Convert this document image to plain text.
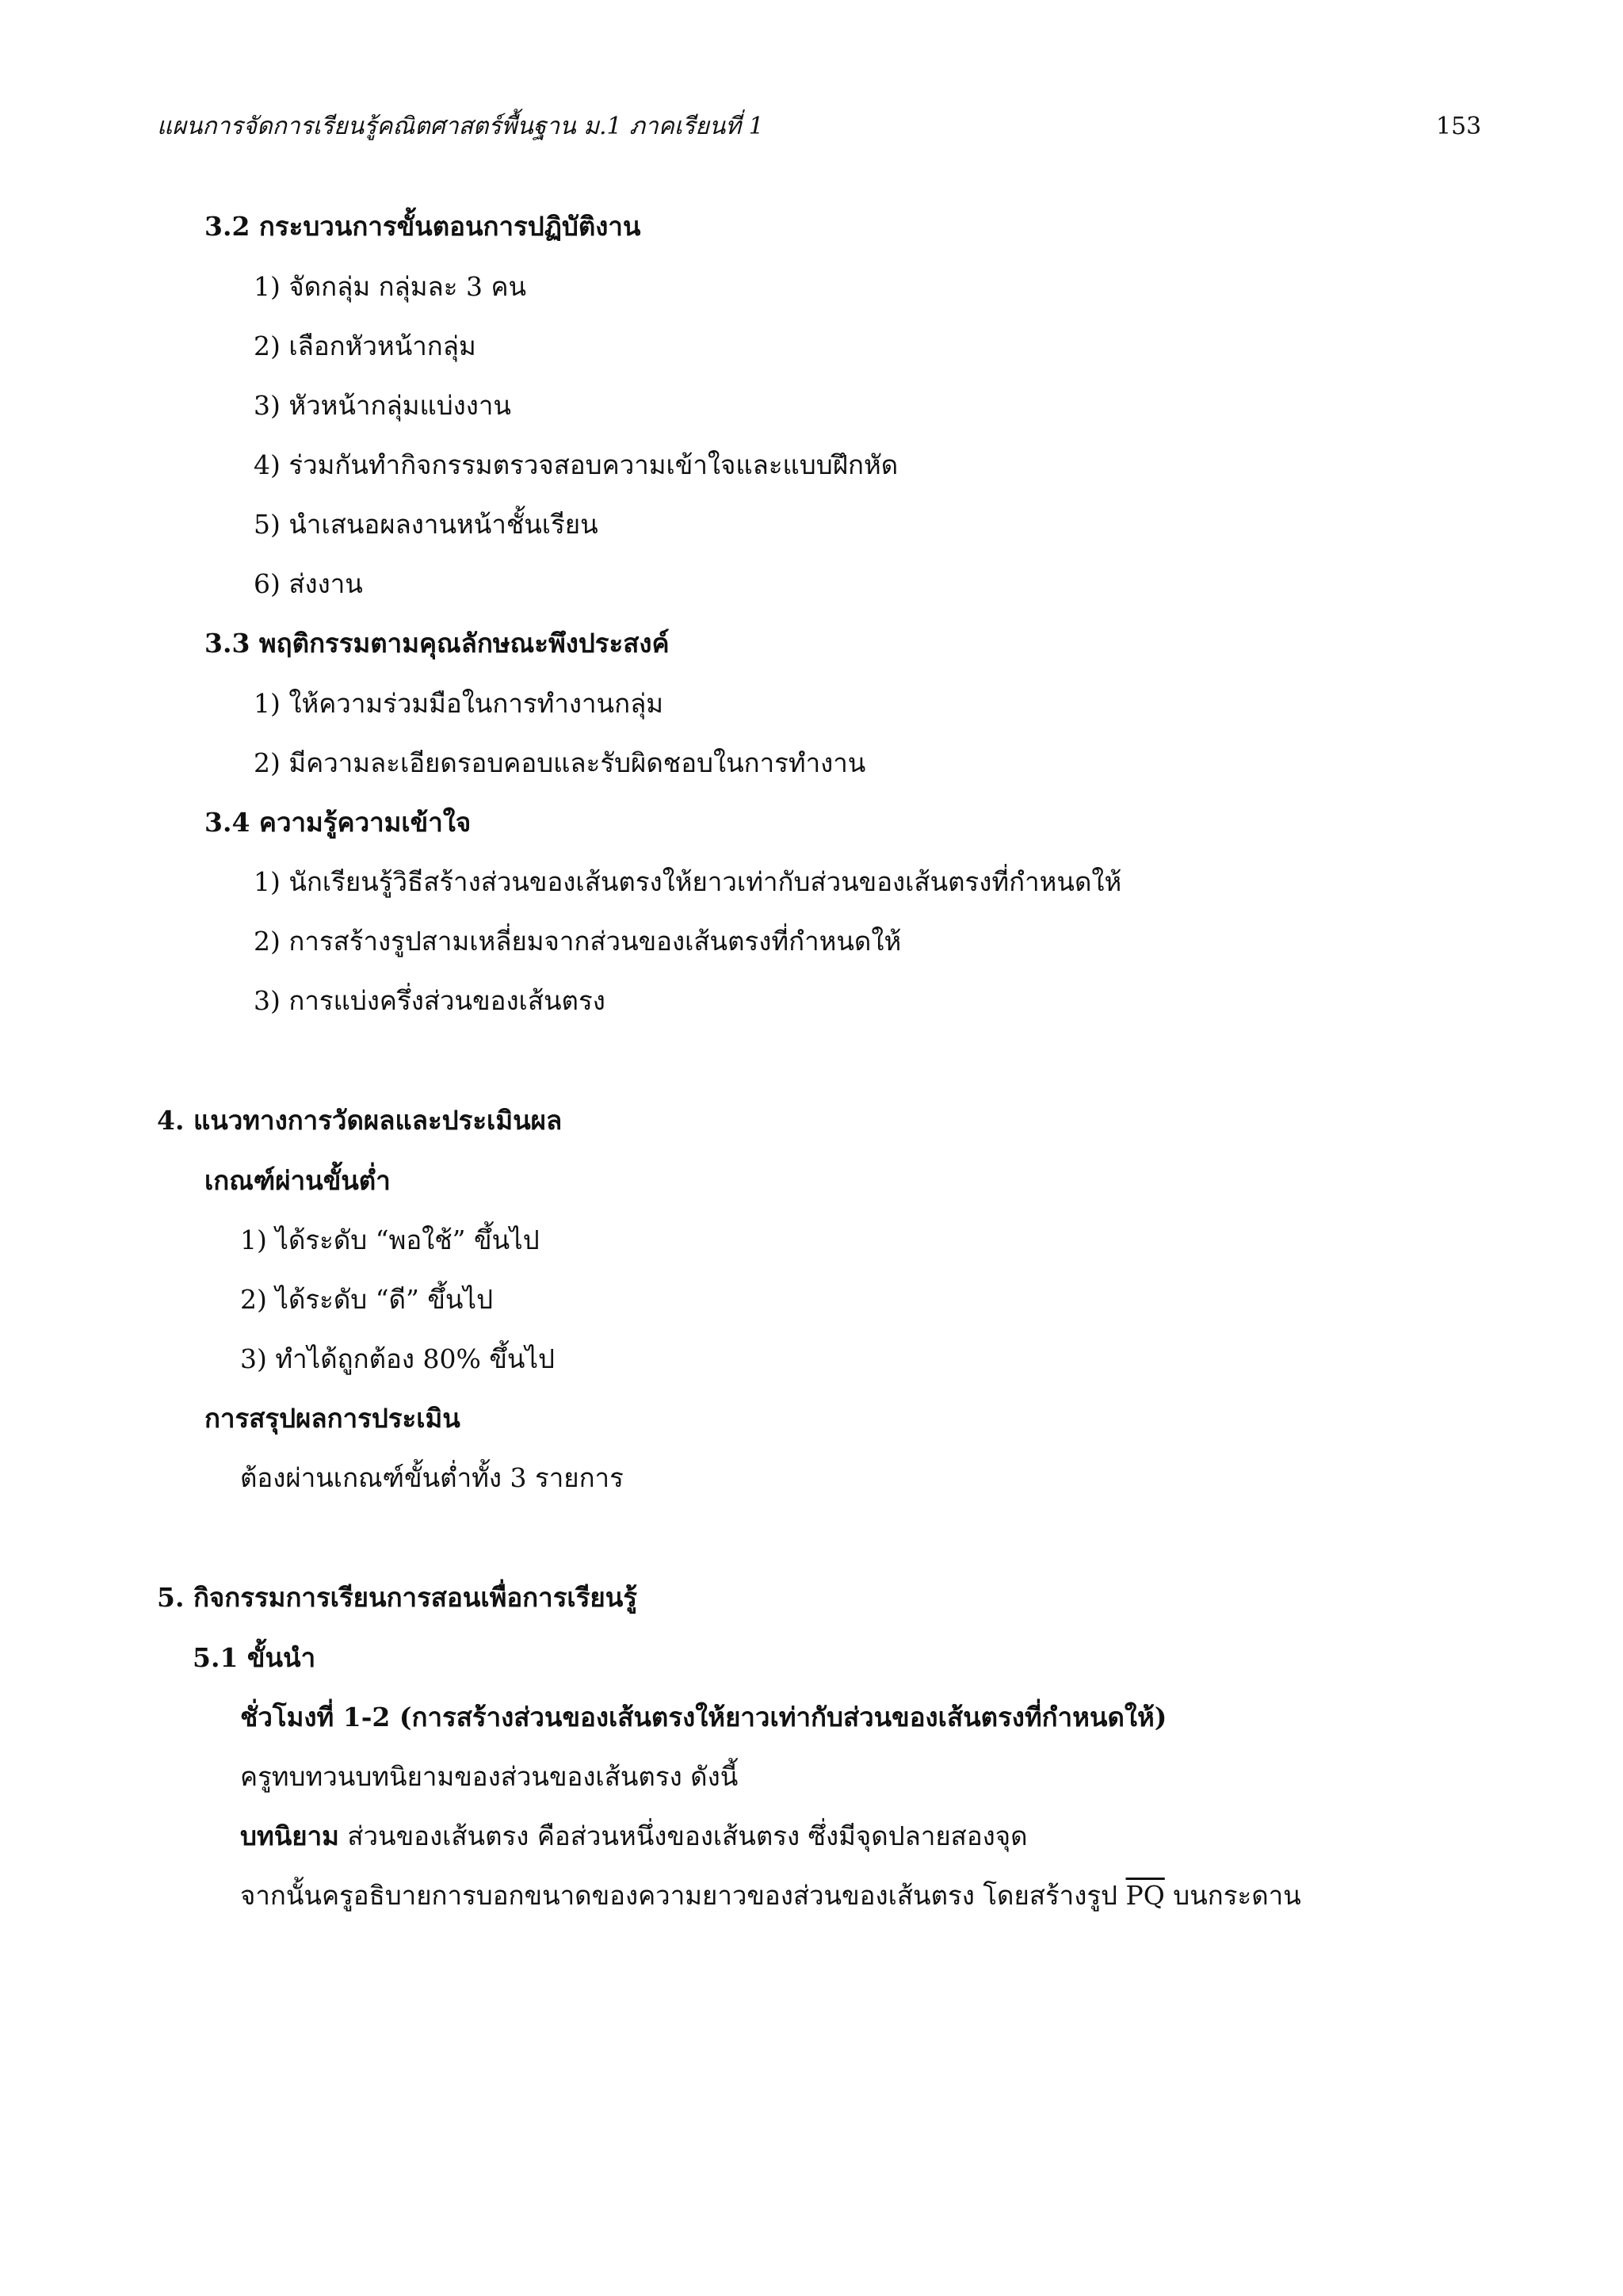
แผนการจัดการเรียนรู้คณิตศาสตร์พื้นฐาน ม.1 ภาคเรียนที่ 1	153
3.2 กระบวนการขั้นตอนการปฏิบัติงาน
1) จัดกลุ่ม กลุ่มละ 3 คน
2) เลือกหัวหน้ากลุ่ม
3) หัวหน้ากลุ่มแบ่งงาน
4) ร่วมกันทำกิจกรรมตรวจสอบความเข้าใจและแบบฝึกหัด
5) นำเสนอผลงานหน้าชั้นเรียน
6) ส่งงาน
3.3 พฤติกรรมตามคุณลักษณะพึงประสงค์
1) ให้ความร่วมมือในการทำงานกลุ่ม
2) มีความละเอียดรอบคอบและรับผิดชอบในการทำงาน
3.4 ความรู้ความเข้าใจ
1) นักเรียนรู้วิธีสร้างส่วนของเส้นตรงให้ยาวเท่ากับส่วนของเส้นตรงที่กำหนดให้
2) การสร้างรูปสามเหลี่ยมจากส่วนของเส้นตรงที่กำหนดให้
3) การแบ่งครึ่งส่วนของเส้นตรง
4. แนวทางการวัดผลและประเมินผล
เกณฑ์ผ่านขั้นต่ำ
1) ได้ระดับ “พอใช้” ขึ้นไป
2) ได้ระดับ “ดี” ขึ้นไป
3) ทำได้ถูกต้อง 80% ขึ้นไป
การสรุปผลการประเมิน
ต้องผ่านเกณฑ์ขั้นต่ำทั้ง 3 รายการ
5. กิจกรรมการเรียนการสอนเพื่อการเรียนรู้
5.1 ขั้นนำ
ชั่วโมงที่ 1-2 (การสร้างส่วนของเส้นตรงให้ยาวเท่ากับส่วนของเส้นตรงที่กำหนดให้)
ครูทบทวนบทนิยามของส่วนของเส้นตรง ดังนี้
บทนิยาม ส่วนของเส้นตรง คือส่วนหนึ่งของเส้นตรง ซึ่งมีจุดปลายสองจุด
จากนั้นครูอธิบายการบอกขนาดของความยาวของส่วนของเส้นตรง โดยสร้างรูป $\overline{PQ}$ บนกระดาน
